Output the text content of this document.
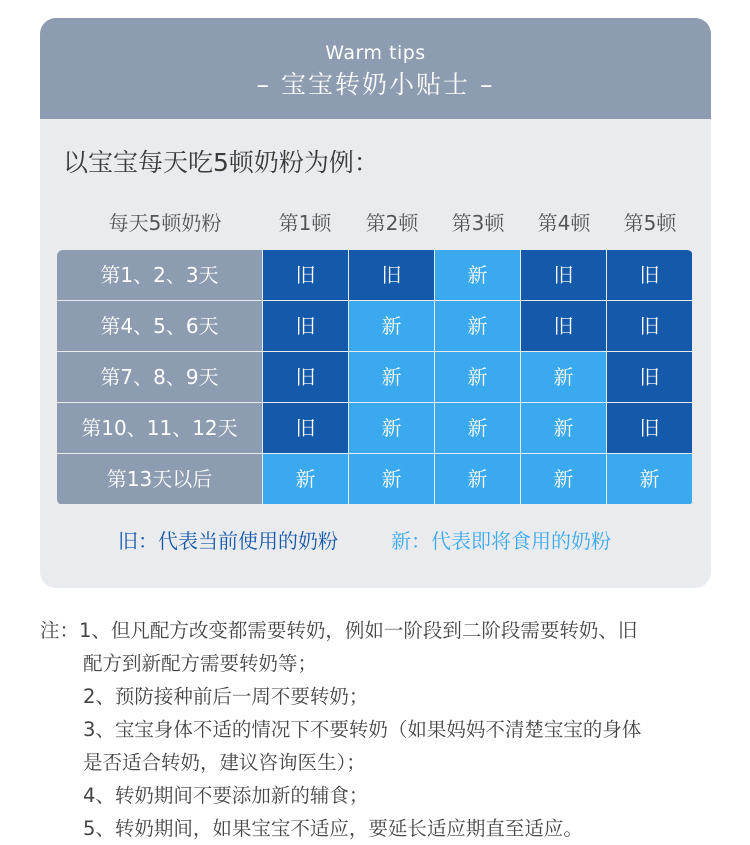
Warm tips
– 宝宝转奶小贴士 –
以宝宝每天吃5顿奶粉为例：
每天5顿奶粉	第1顿	第2顿	第3顿	第4顿	第5顿
第1、2、3天	旧	旧	新	旧	旧
第4、5、6天	旧	新	新	旧	旧
第7、8、9天	旧	新	新	新	旧
第10、11、12天	旧	新	新	新	旧
第13天以后	新	新	新	新	新
旧：代表当前使用的奶粉	新：代表即将食用的奶粉
注：1、但凡配方改变都需要转奶，例如一阶段到二阶段需要转奶、旧
配方到新配方需要转奶等；
2、预防接种前后一周不要转奶；
3、宝宝身体不适的情况下不要转奶（如果妈妈不清楚宝宝的身体
是否适合转奶，建议咨询医生）；
4、转奶期间不要添加新的辅食；
5、转奶期间，如果宝宝不适应，要延长适应期直至适应。
